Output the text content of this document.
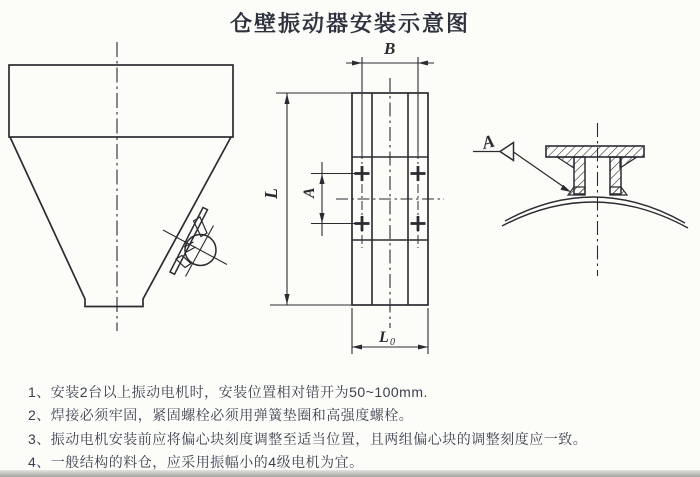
仓壁振动器安装示意图
B
L A
L 0
A
1、安装2台以上振动电机时，安装位置相对错开为50~100mm.
2、焊接必须牢固，紧固螺栓必须用弹簧垫圈和高强度螺栓。
3、振动电机安装前应将偏心块刻度调整至适当位置，且两组偏心块的调整刻度应一致。
4、一般结构的料仓，应采用振幅小的4级电机为宜。
